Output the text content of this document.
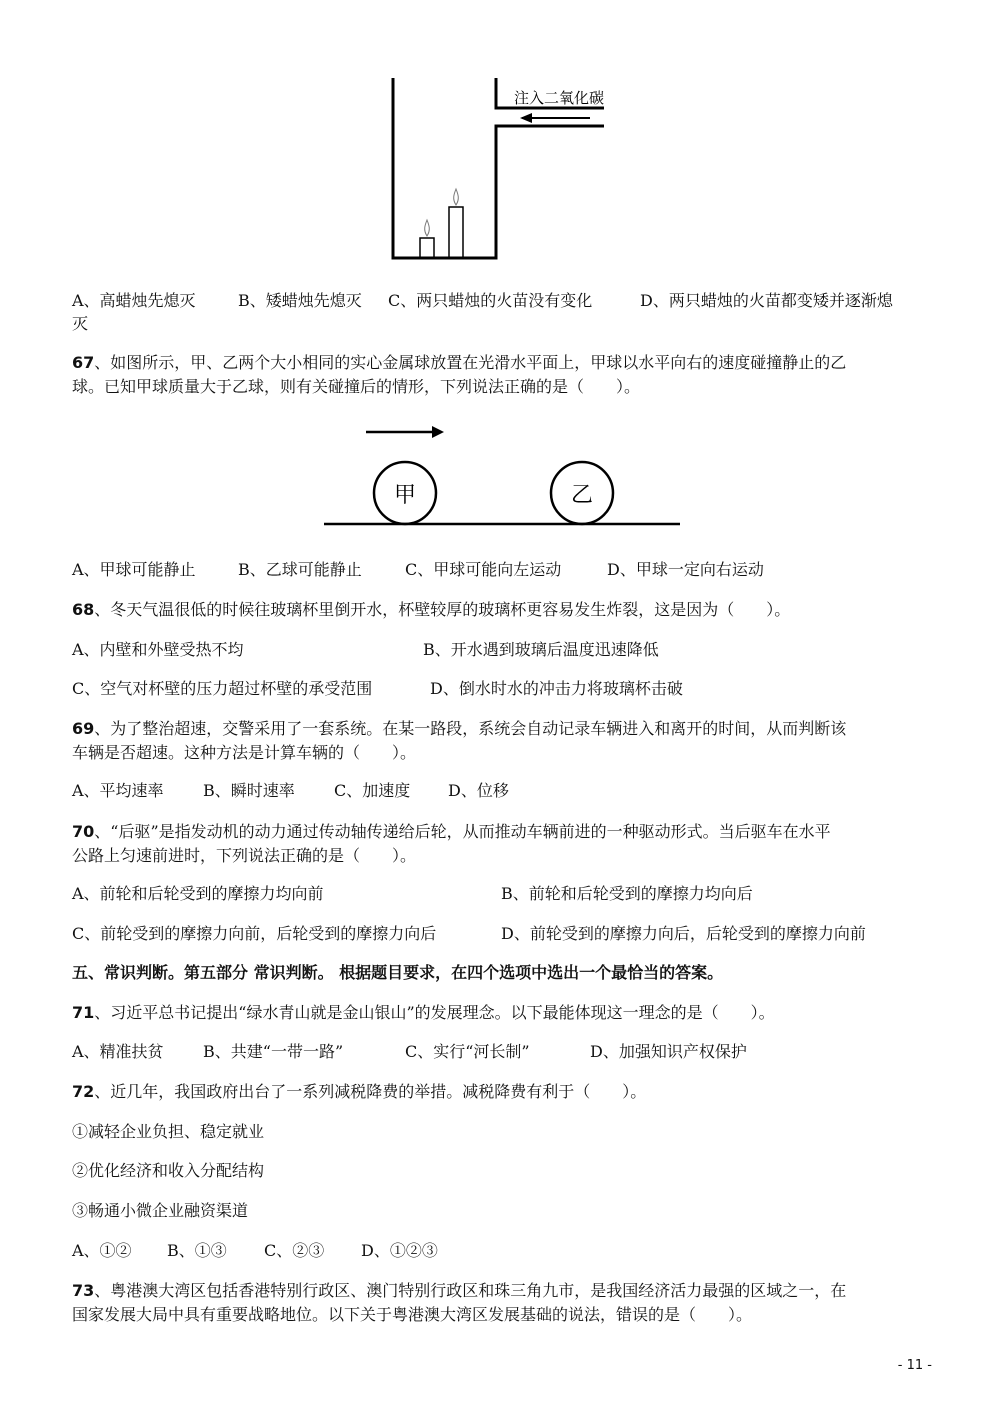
注入二氧化碳
A、高蜡烛先熄灭	B、矮蜡烛先熄灭 C、两只蜡烛的火苗没有变化	D、两只蜡烛的火苗都变矮并逐渐熄
灭
67、如图所示，甲、乙两个大小相同的实心金属球放置在光滑水平面上，甲球以水平向右的速度碰撞静止的乙
球。已知甲球质量大于乙球，则有关碰撞后的情形，下列说法正确的是（　　）。
甲	乙
A、甲球可能静止	B、乙球可能静止	C、甲球可能向左运动	D、甲球一定向右运动
68、冬天气温很低的时候往玻璃杯里倒开水，杯壁较厚的玻璃杯更容易发生炸裂，这是因为（　　）。
A、内壁和外壁受热不均	B、开水遇到玻璃后温度迅速降低
C、空气对杯壁的压力超过杯壁的承受范围	D、倒水时水的冲击力将玻璃杯击破
69、为了整治超速，交警采用了一套系统。在某一路段，系统会自动记录车辆进入和离开的时间，从而判断该
车辆是否超速。这种方法是计算车辆的（　　）。
A、平均速率 B、瞬时速率 C、加速度 D、位移
70、“后驱”是指发动机的动力通过传动轴传递给后轮，从而推动车辆前进的一种驱动形式。当后驱车在水平
公路上匀速前进时，下列说法正确的是（　　）。
A、前轮和后轮受到的摩擦力均向前	B、前轮和后轮受到的摩擦力均向后
C、前轮受到的摩擦力向前，后轮受到的摩擦力向后	D、前轮受到的摩擦力向后，后轮受到的摩擦力向前
五、常识判断。第五部分 常识判断。 根据题目要求，在四个选项中选出一个最恰当的答案。
71、习近平总书记提出“绿水青山就是金山银山”的发展理念。以下最能体现这一理念的是（　　）。
A、精准扶贫 B、共建“一带一路”	C、实行“河长制”	D、加强知识产权保护
72、近几年，我国政府出台了一系列减税降费的举措。减税降费有利于（　　）。
①减轻企业负担、稳定就业
②优化经济和收入分配结构
③畅通小微企业融资渠道
A、①② B、①③ C、②③ D、①②③
73、粤港澳大湾区包括香港特别行政区、澳门特别行政区和珠三角九市，是我国经济活力最强的区域之一，在
国家发展大局中具有重要战略地位。以下关于粤港澳大湾区发展基础的说法，错误的是（　　）。
- 11 -
